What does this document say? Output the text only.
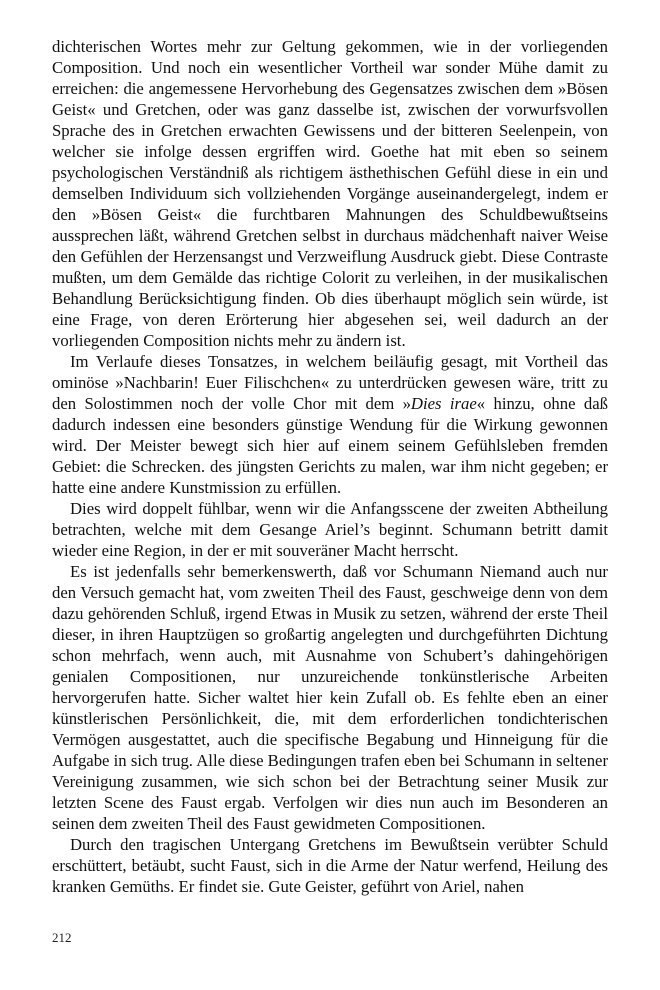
dichterischen Wortes mehr zur Geltung gekommen, wie in der vorliegenden Composition. Und noch ein wesentlicher Vortheil war sonder Mühe damit zu erreichen: die angemessene Hervorhebung des Gegensatzes zwischen dem »Bösen Geist« und Gretchen, oder was ganz dasselbe ist, zwischen der vorwurfsvollen Sprache des in Gretchen erwachten Gewissens und der bitteren Seelenpein, von welcher sie infolge dessen ergriffen wird. Goethe hat mit eben so seinem psychologischen Verständniß als richtigem ästhethischen Gefühl diese in ein und demselben Individuum sich vollziehenden Vorgänge auseinandergelegt, indem er den »Bösen Geist« die furchtbaren Mahnungen des Schuldbewußtseins aussprechen läßt, während Gretchen selbst in durchaus mädchenhaft naiver Weise den Gefühlen der Herzensangst und Verzweiflung Ausdruck giebt. Diese Contraste mußten, um dem Gemälde das richtige Colorit zu verleihen, in der musikalischen Behandlung Berücksichtigung finden. Ob dies überhaupt möglich sein würde, ist eine Frage, von deren Erörterung hier abgesehen sei, weil dadurch an der vorliegenden Composition nichts mehr zu ändern ist.

Im Verlaufe dieses Tonsatzes, in welchem beiläufig gesagt, mit Vortheil das ominöse »Nachbarin! Euer Filischchen« zu unterdrücken gewesen wäre, tritt zu den Solostimmen noch der volle Chor mit dem »Dies irae« hinzu, ohne daß dadurch indessen eine besonders günstige Wendung für die Wirkung gewonnen wird. Der Meister bewegt sich hier auf einem seinem Gefühlsleben fremden Gebiet: die Schrecken. des jüngsten Gerichts zu malen, war ihm nicht gegeben; er hatte eine andere Kunstmission zu erfüllen.

Dies wird doppelt fühlbar, wenn wir die Anfangsscene der zweiten Abtheilung betrachten, welche mit dem Gesange Ariel’s beginnt. Schumann betritt damit wieder eine Region, in der er mit souveräner Macht herrscht.

Es ist jedenfalls sehr bemerkenswerth, daß vor Schumann Niemand auch nur den Versuch gemacht hat, vom zweiten Theil des Faust, geschweige denn von dem dazu gehörenden Schluß, irgend Etwas in Musik zu setzen, während der erste Theil dieser, in ihren Hauptzügen so großartig angelegten und durchgeführten Dichtung schon mehrfach, wenn auch, mit Ausnahme von Schubert’s dahingehörigen genialen Compositionen, nur unzureichende tonkünstlerische Arbeiten hervorgerufen hatte. Sicher waltet hier kein Zufall ob. Es fehlte eben an einer künstlerischen Persönlichkeit, die, mit dem erforderlichen tondichterischen Vermögen ausgestattet, auch die specifische Begabung und Hinneigung für die Aufgabe in sich trug. Alle diese Bedingungen trafen eben bei Schumann in seltener Vereinigung zusammen, wie sich schon bei der Betrachtung seiner Musik zur letzten Scene des Faust ergab. Verfolgen wir dies nun auch im Besonderen an seinen dem zweiten Theil des Faust gewidmeten Compositionen.

Durch den tragischen Untergang Gretchens im Bewußtsein verübter Schuld erschüttert, betäubt, sucht Faust, sich in die Arme der Natur werfend, Heilung des kranken Gemüths. Er findet sie. Gute Geister, geführt von Ariel, nahen

212
